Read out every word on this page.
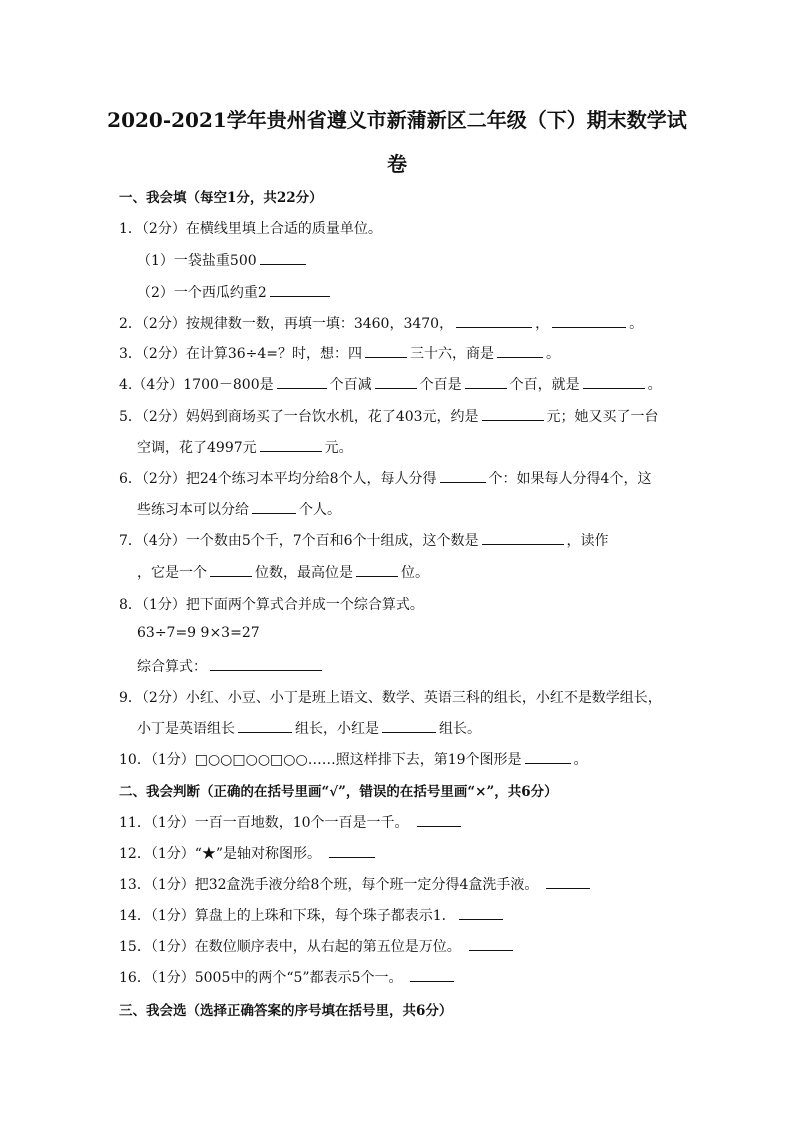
2020-2021学年贵州省遵义市新蒲新区二年级（下）期末数学试
卷
一、我会填（每空1分，共22分）
1．（2分）在横线里填上合适的质量单位。
（1）一袋盐重500
（2）一个西瓜约重2
2．（2分）按规律数一数，再填一填：3460，3470，	，	。
3．（2分）在计算36÷4=？时，想：四	三十六，商是	。
4.（4分）1700－800是	个百减	个百是	个百，就是	。
5．（2分）妈妈到商场买了一台饮水机，花了403元，约是	元；她又买了一台
空调，花了4997元	元。
6．（2分）把24个练习本平均分给8个人，每人分得	个：如果每人分得4个，这
些练习本可以分给	个人。
7．（4分）一个数由5个千，7个百和6个十组成，这个数是	，读作
，它是一个	位数，最高位是	位。
8．（1分）把下面两个算式合并成一个综合算式。
63÷7=9 9×3=27
综合算式：
9．（2分）小红、小豆、小丁是班上语文、数学、英语三科的组长，小红不是数学组长，
小丁是英语组长	组长，小红是	组长。
10．（1分）□○○□○○□○○……照这样排下去，第19个图形是	。
二、我会判断（正确的在括号里画“√”，错误的在括号里画“×”，共6分）
11．（1分）一百一百地数，10个一百是一千。
12．（1分）“★”是轴对称图形。
13．（1分）把32盒洗手液分给8个班，每个班一定分得4盒洗手液。
14．（1分）算盘上的上珠和下珠，每个珠子都表示1．
15．（1分）在数位顺序表中，从右起的第五位是万位。
16．（1分）5005中的两个“5”都表示5个一。
三、我会选（选择正确答案的序号填在括号里，共6分）
